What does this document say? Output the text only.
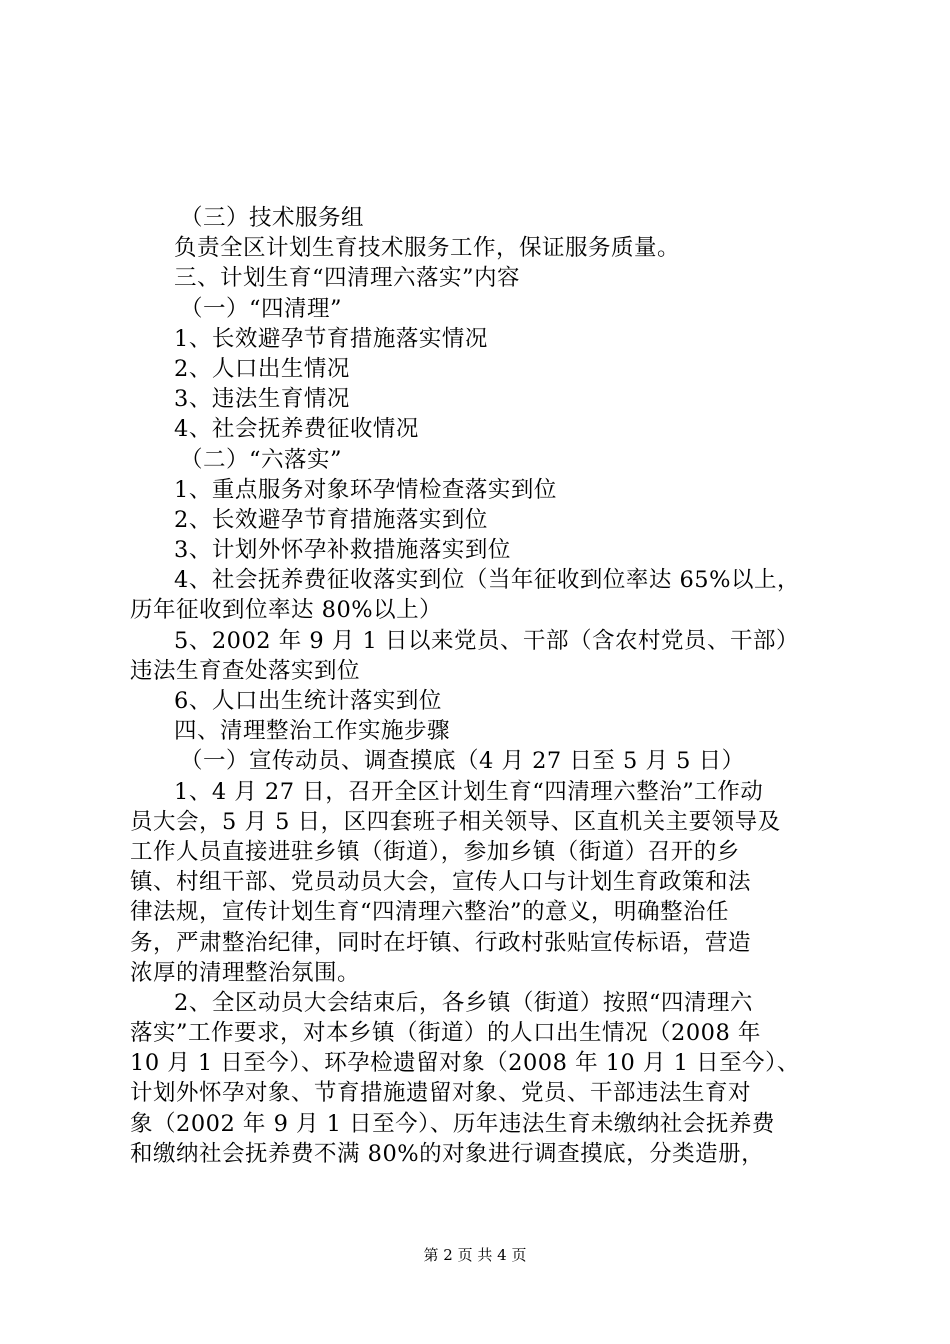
（三）技术服务组
负责全区计划生育技术服务工作，保证服务质量。
三、计划生育“四清理六落实”内容
（一）“四清理”
1、长效避孕节育措施落实情况
2、人口出生情况
3、违法生育情况
4、社会抚养费征收情况
（二）“六落实”
1、重点服务对象环孕情检查落实到位
2、长效避孕节育措施落实到位
3、计划外怀孕补救措施落实到位
4、社会抚养费征收落实到位（当年征收到位率达 65%以上，
历年征收到位率达 80%以上）
5、2002 年 9 月 1 日以来党员、干部（含农村党员、干部）
违法生育查处落实到位
6、人口出生统计落实到位
四、清理整治工作实施步骤
（一）宣传动员、调查摸底（4 月 27 日至 5 月 5 日）
1、4 月 27 日，召开全区计划生育“四清理六整治”工作动
员大会，5 月 5 日，区四套班子相关领导、区直机关主要领导及
工作人员直接进驻乡镇（街道），参加乡镇（街道）召开的乡
镇、村组干部、党员动员大会，宣传人口与计划生育政策和法
律法规，宣传计划生育“四清理六整治”的意义，明确整治任
务，严肃整治纪律，同时在圩镇、行政村张贴宣传标语，营造
浓厚的清理整治氛围。
2、全区动员大会结束后，各乡镇（街道）按照“四清理六
落实”工作要求，对本乡镇（街道）的人口出生情况（2008 年
10 月 1 日至今）、环孕检遗留对象（2008 年 10 月 1 日至今）、
计划外怀孕对象、节育措施遗留对象、党员、干部违法生育对
象（2002 年 9 月 1 日至今）、历年违法生育未缴纳社会抚养费
和缴纳社会抚养费不满 80%的对象进行调查摸底，分类造册，
第 2 页 共 4 页
